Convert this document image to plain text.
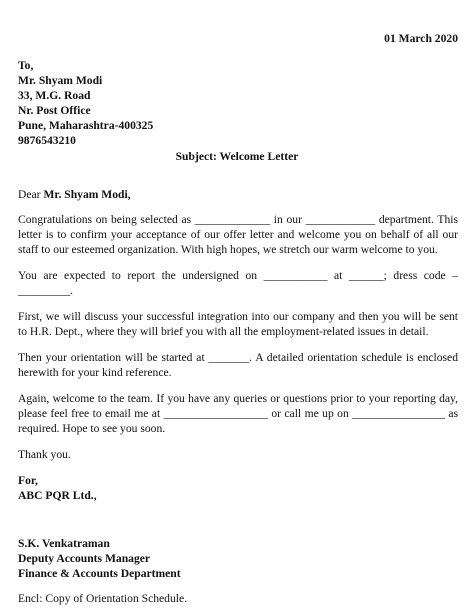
01 March 2020

To,

Mr. Shyam Modi

33, M.G. Road

Nr. Post Office

Pune, Maharashtra-400325

9876543210

Subject: Welcome Letter

Dear Mr. Shyam Modi,

Congratulations on being selected as _____________ in our ____________ department. This letter is to confirm your acceptance of our offer letter and welcome you on behalf of all our staff to our esteemed organization. With high hopes, we stretch our warm welcome to you.

You are expected to report the undersigned on ___________ at ______; dress code – _________.

First, we will discuss your successful integration into our company and then you will be sent to H.R. Dept., where they will brief you with all the employment-related issues in detail.

Then your orientation will be started at _______. A detailed orientation schedule is enclosed herewith for your kind reference.

Again, welcome to the team. If you have any queries or questions prior to your reporting day, please feel free to email me at __________________ or call me up on ________________ as required. Hope to see you soon.

Thank you.

For,

ABC PQR Ltd.,

S.K. Venkatraman

Deputy Accounts Manager

Finance & Accounts Department

Encl: Copy of Orientation Schedule.
